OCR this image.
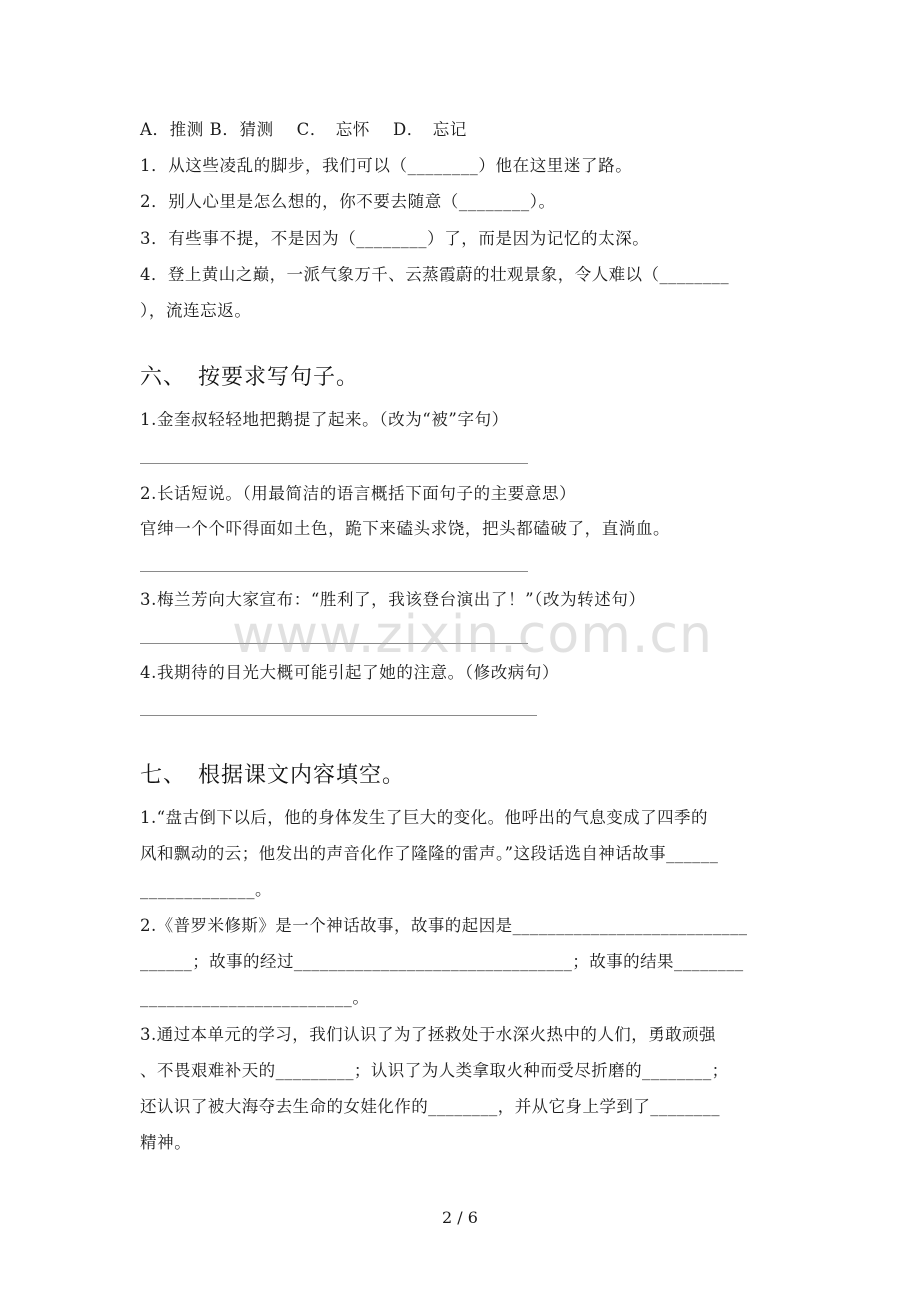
A．推测 B．猜测　 C．　忘怀　 D．　忘记
1．从这些凌乱的脚步，我们可以（________）他在这里迷了路。
2．别人心里是怎么想的，你不要去随意（________）。
3．有些事不提，不是因为（________）了，而是因为记忆的太深。
4．登上黄山之巅，一派气象万千、云蒸霞蔚的壮观景象，令人难以（________
），流连忘返。
六、　按要求写句子。
1.金奎叔轻轻地把鹅提了起来。（改为“被”字句）
2.长话短说。（用最简洁的语言概括下面句子的主要意思）
官绅一个个吓得面如土色，跪下来磕头求饶，把头都磕破了，直淌血。
3.梅兰芳向大家宣布：“胜利了，我该登台演出了！”（改为转述句）
4.我期待的目光大概可能引起了她的注意。（修改病句）
七、　根据课文内容填空。
1.“盘古倒下以后，他的身体发生了巨大的变化。他呼出的气息变成了四季的
风和飘动的云；他发出的声音化作了隆隆的雷声。”这段话选自神话故事______
_____________。
2.《普罗米修斯》是一个神话故事，故事的起因是___________________________
______；故事的经过________________________________；故事的结果________
________________________。
3.通过本单元的学习，我们认识了为了拯救处于水深火热中的人们，勇敢顽强
、不畏艰难补天的_________；认识了为人类拿取火种而受尽折磨的________；
还认识了被大海夺去生命的女娃化作的________，并从它身上学到了________
精神。
www.zixin.com.cn
2 / 6
